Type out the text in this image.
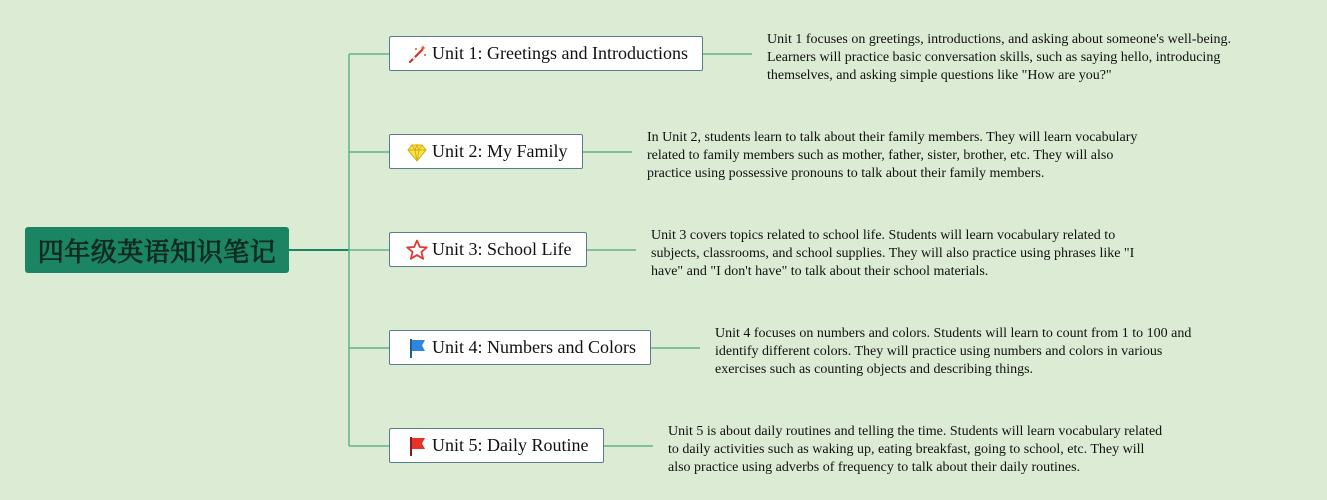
四年级英语知识笔记
Unit 1: Greetings and Introductions
Unit 1 focuses on greetings, introductions, and asking about someone's well-being. Learners will practice basic conversation skills, such as saying hello, introducing themselves, and asking simple questions like "How are you?"
Unit 2: My Family
In Unit 2, students learn to talk about their family members. They will learn vocabulary related to family members such as mother, father, sister, brother, etc. They will also practice using possessive pronouns to talk about their family members.
Unit 3: School Life
Unit 3 covers topics related to school life. Students will learn vocabulary related to subjects, classrooms, and school supplies. They will also practice using phrases like "I have" and "I don't have" to talk about their school materials.
Unit 4: Numbers and Colors
Unit 4 focuses on numbers and colors. Students will learn to count from 1 to 100 and identify different colors. They will practice using numbers and colors in various exercises such as counting objects and describing things.
Unit 5: Daily Routine
Unit 5 is about daily routines and telling the time. Students will learn vocabulary related to daily activities such as waking up, eating breakfast, going to school, etc. They will also practice using adverbs of frequency to talk about their daily routines.
